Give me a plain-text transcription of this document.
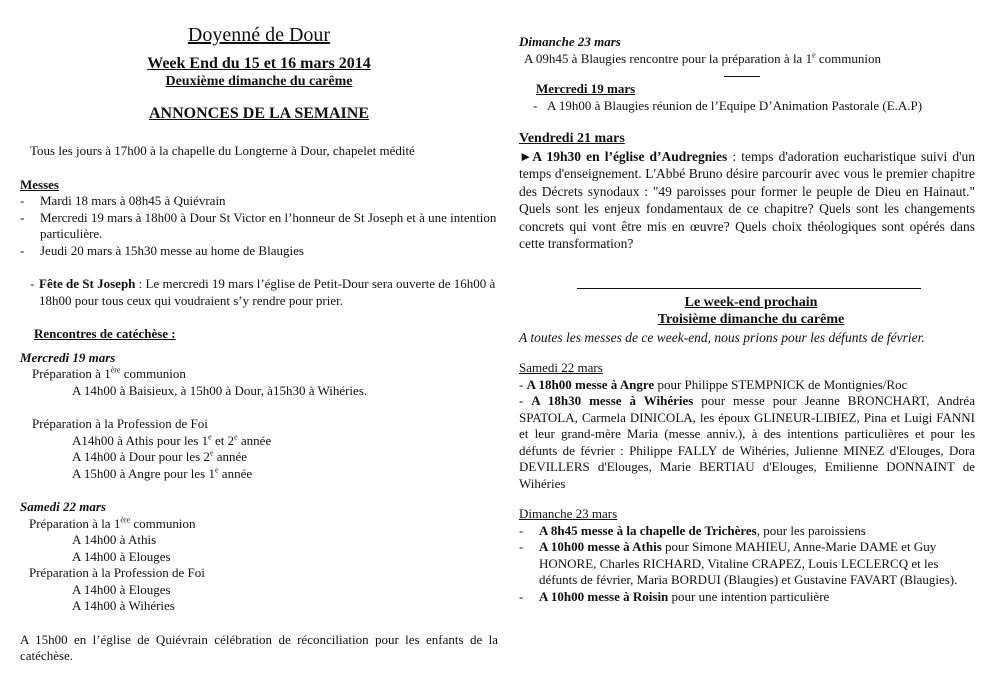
Doyenné de Dour
Week End du 15 et 16 mars 2014
Deuxième dimanche du carême
ANNONCES DE LA SEMAINE

Tous les jours à 17h00 à la chapelle du Longterne à Dour, chapelet médité

Messes

- Mardi 18 mars à 08h45 à Quiévrain
- Mercredi 19 mars à 18h00 à Dour St Victor en l’honneur de St Joseph et à une intention particulière.
- Jeudi 20 mars à 15h30 messe au home de Blaugies
- Fête de St Joseph : Le mercredi 19 mars l’église de Petit-Dour sera ouverte de 16h00 à 18h00 pour tous ceux qui voudraient s’y rendre pour prier.

Rencontres de catéchèse :

Mercredi 19 mars

Préparation à 1ère communion

A 14h00 à Baisieux, à 15h00 à Dour, à15h30 à Wihéries.

Préparation à la Profession de Foi

A14h00 à Athis pour les 1e et 2e année

A 14h00 à Dour pour les 2e année

A 15h00 à Angre pour les 1e année

Samedi 22 mars

Préparation à la 1ère communion

A 14h00 à Athis

A 14h00 à Elouges

Préparation à la Profession de Foi

A 14h00 à Elouges

A 14h00 à Wihéries

A 15h00 en l’église de Quiévrain célébration de réconciliation pour les enfants de la catéchèse.

Dimanche 23 mars

A 09h45 à Blaugies rencontre pour la préparation à la 1e communion

Mercredi 19 mars

- A 19h00 à Blaugies réunion de l’Equipe D’Animation Pastorale (E.A.P)

Vendredi 21 mars

►A 19h30 en l’église d’Audregnies : temps d'adoration eucharistique suivi d'un temps d'enseignement. L'Abbé Bruno désire parcourir avec vous le premier chapitre des Décrets synodaux : "49 paroisses pour former le peuple de Dieu en Hainaut." Quels sont les enjeux fondamentaux de ce chapitre? Quels sont les changements concrets qui vont être mis en œuvre? Quels choix théologiques sont opérés dans cette transformation?

Le week-end prochain

Troisième dimanche du carême

A toutes les messes de ce week-end, nous prions pour les défunts de février.

Samedi 22 mars

- A 18h00 messe à Angre pour Philippe STEMPNICK de Montignies/Roc
- A 18h30 messe à Wihéries pour messe pour Jeanne BRONCHART, Andréa SPATOLA, Carmela DINICOLA, les époux GLINEUR-LIBIEZ, Pina et Luigi FANNI et leur grand-mère Maria (messe anniv.), à des intentions particulières et pour les défunts de février : Philippe FALLY de Wihéries, Julienne MINEZ d'Elouges, Dora DEVILLERS d'Elouges, Marie BERTIAU d'Elouges, Emilienne DONNAINT de Wihéries

Dimanche 23 mars

- A 8h45 messe à la chapelle de Trichères, pour les paroissiens
- A 10h00 messe à Athis pour Simone MAHIEU, Anne-Marie DAME et Guy HONORE, Charles RICHARD, Vitaline CRAPEZ, Louis LECLERCQ et les défunts de février, Maria BORDUI (Blaugies) et Gustavine FAVART (Blaugies).
- A 10h00 messe à Roisin pour une intention particulière
